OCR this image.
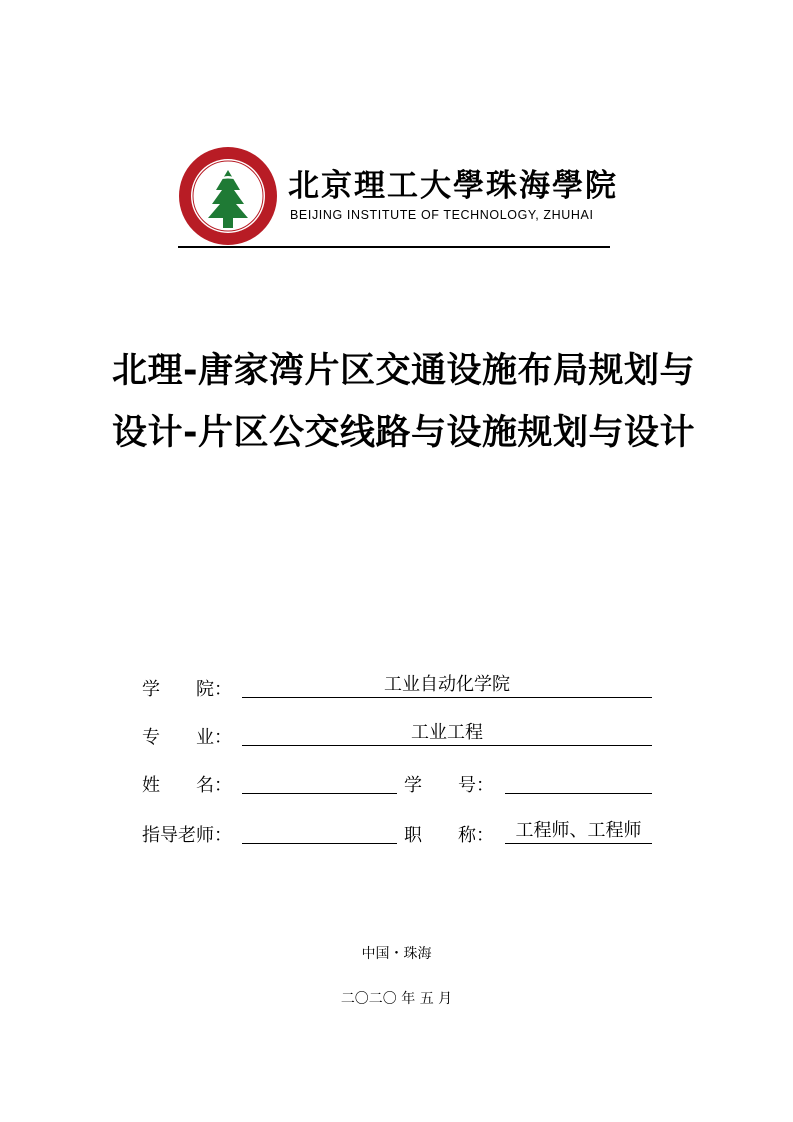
北京理工大學珠海學院
BEIJING INSTITUTE OF TECHNOLOGY, ZHUHAI
北理-唐家湾片区交通设施布局规划与
设计-片区公交线路与设施规划与设计
学　　院：	工业自动化学院
专　　业：	工业工程
姓　　名：	学　　号：
指导老师：	职　　称：	工程师、工程师
中国・珠海
二〇二〇 年 五 月
